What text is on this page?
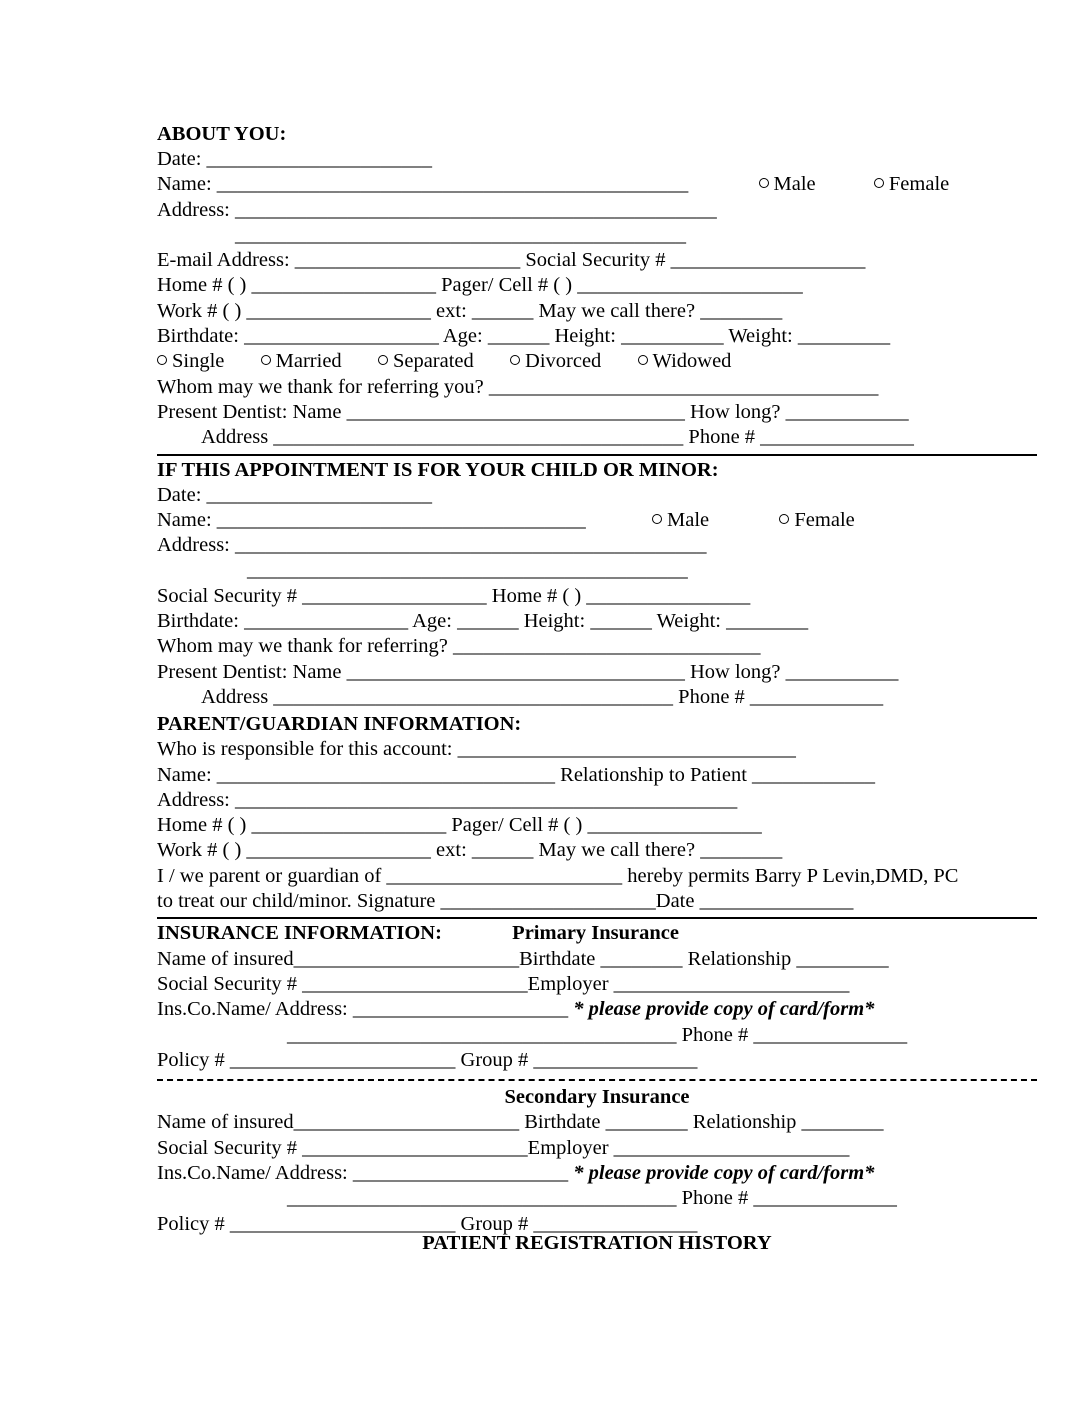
ABOUT YOU:
Date: ______________________
Name: ______________________________________________	Male	Female
Address: _______________________________________________
____________________________________________
E-mail Address: ______________________ Social Security # ___________________
Home # ( ) __________________ Pager/ Cell # ( ) ______________________
Work # ( ) __________________ ext: ______ May we call there? ________
Birthdate: ___________________ Age: ______ Height: __________ Weight: _________
Single	Married	Separated	Divorced	Widowed
Whom may we thank for referring you? ______________________________________
Present Dentist: Name _________________________________ How long? ____________
Address ________________________________________ Phone # _______________
IF THIS APPOINTMENT IS FOR YOUR CHILD OR MINOR:
Date: ______________________
Name: ____________________________________	Male	Female
Address: ______________________________________________
___________________________________________
Social Security # __________________ Home # ( ) ________________
Birthdate: ________________ Age: ______ Height: ______ Weight: ________
Whom may we thank for referring? ______________________________
Present Dentist: Name _________________________________ How long? ___________
Address _______________________________________ Phone # _____________
PARENT/GUARDIAN INFORMATION:
Who is responsible for this account: _________________________________
Name: _________________________________ Relationship to Patient ____________
Address: _________________________________________________
Home # ( ) ___________________ Pager/ Cell # ( ) _________________
Work # ( ) __________________ ext: ______ May we call there? ________
I / we parent or guardian of _______________________ hereby permits Barry P Levin,DMD, PC
to treat our child/minor. Signature _____________________Date _______________
INSURANCE INFORMATION:	Primary Insurance
Name of insured______________________Birthdate ________ Relationship _________
Social Security # ______________________Employer _______________________
Ins.Co.Name/ Address: _____________________ * please provide copy of card/form*
______________________________________ Phone # _______________
Policy # ______________________ Group # ________________
Secondary Insurance
Name of insured______________________ Birthdate ________ Relationship ________
Social Security # ______________________Employer _______________________
Ins.Co.Name/ Address: _____________________ * please provide copy of card/form*
______________________________________ Phone # ______________
Policy # ______________________ Group # ________________
PATIENT REGISTRATION HISTORY
